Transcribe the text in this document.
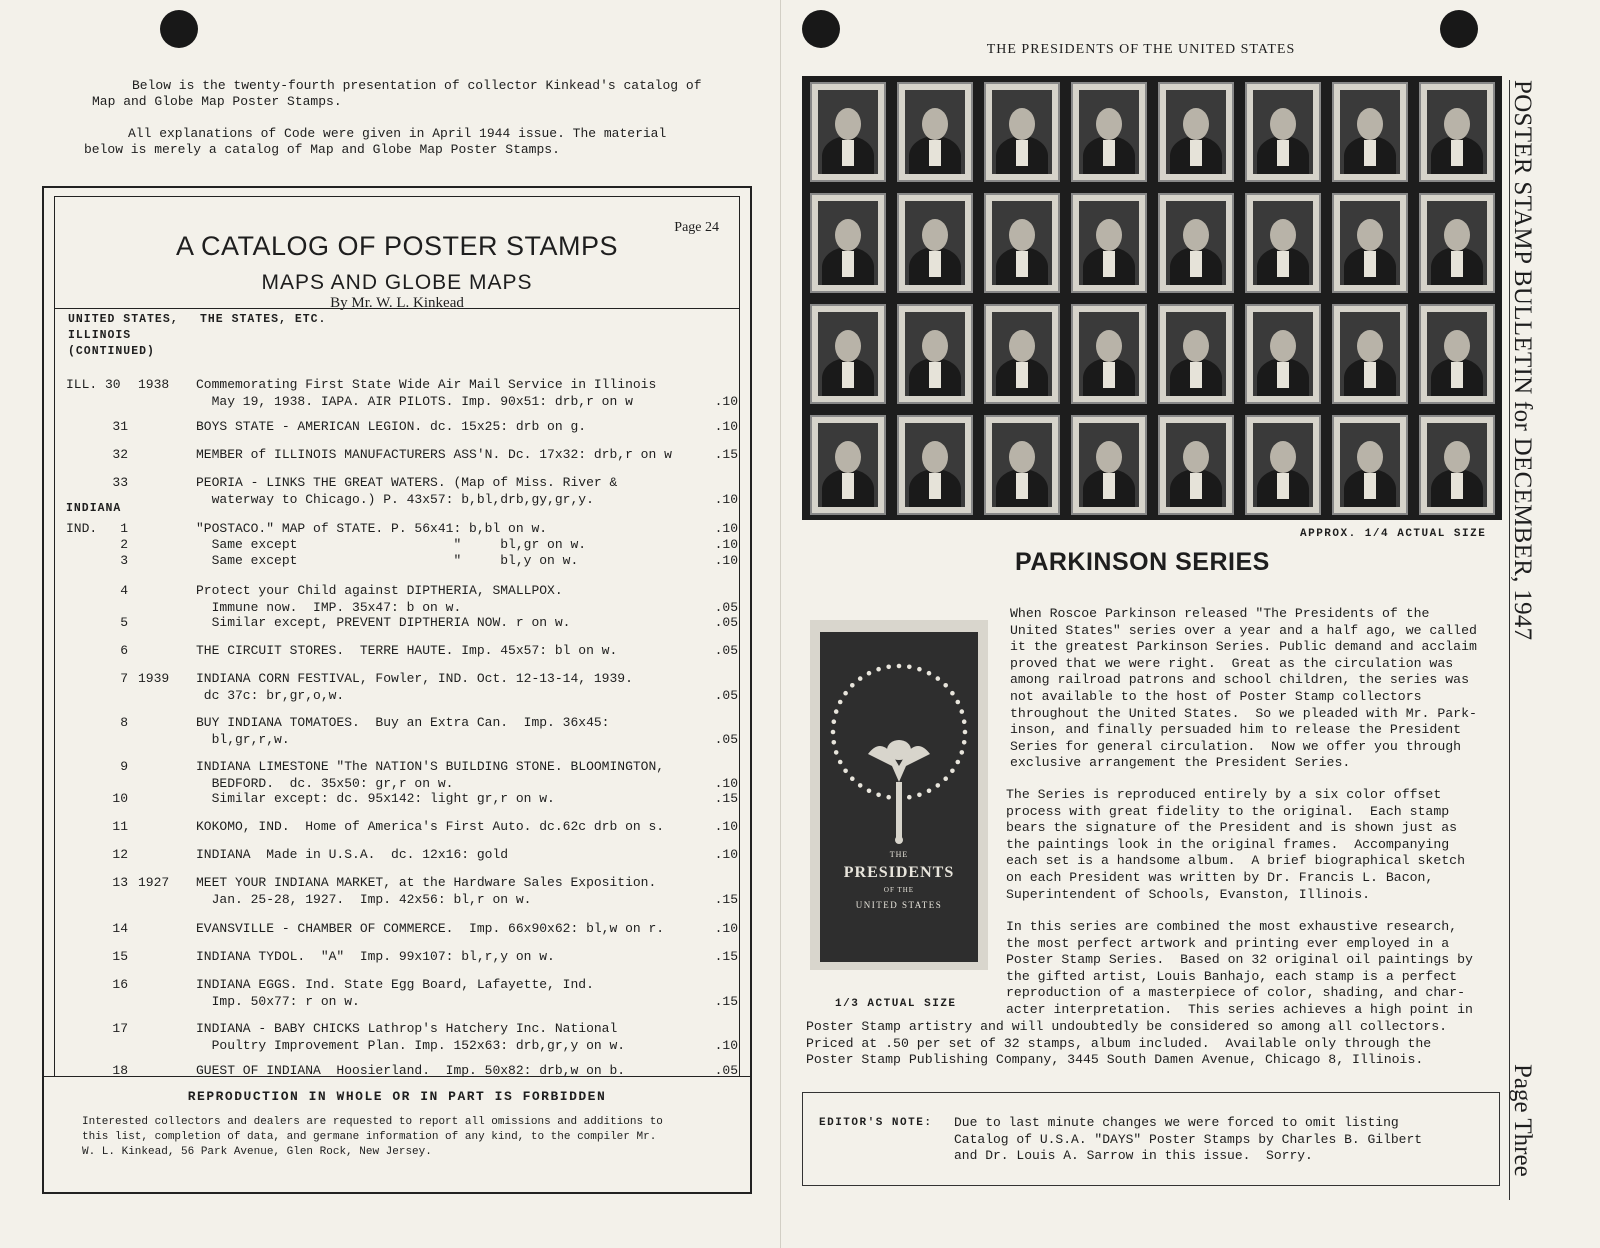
Below is the twenty-fourth presentation of collector Kinkead's catalog of
Map and Globe Map Poster Stamps.
All explanations of Code were given in April 1944 issue. The material
below is merely a catalog of Map and Globe Map Poster Stamps.
Page 24
A CATALOG OF POSTER STAMPS
MAPS AND GLOBE MAPS
By Mr. W. L. Kinkead
UNITED STATES,
ILLINOIS
(CONTINUED)
THE STATES, ETC.
INDIANA
ILL. 30	1938	Commemorating First State Wide Air Mail Service in Illinois
May 19, 1938. IAPA. AIR PILOTS. Imp. 90x51: drb,r on w	
.10
31	BOYS STATE - AMERICAN LEGION. dc. 15x25: drb on g.	.10
32	MEMBER of ILLINOIS MANUFACTURERS ASS'N. Dc. 17x32: drb,r on w	.15
33	PEORIA - LINKS THE GREAT WATERS. (Map of Miss. River &
waterway to Chicago.) P. 43x57: b,bl,drb,gy,gr,y.	
.10
IND.	1	"POSTACO." MAP of STATE. P. 56x41: b,bl on w.	.10
2	Same except                    "     bl,gr on w.	.10
3	Same except                    "     bl,y on w.	.10
4	Protect your Child against DIPTHERIA, SMALLPOX.
Immune now.  IMP. 35x47: b on w.	
.05
5	Similar except, PREVENT DIPTHERIA NOW. r on w.	.05
6	THE CIRCUIT STORES.  TERRE HAUTE. Imp. 45x57: bl on w.	.05
7 1939	INDIANA CORN FESTIVAL, Fowler, IND. Oct. 12-13-14, 1939.
dc 37c: br,gr,o,w.	
.05
8	BUY INDIANA TOMATOES.  Buy an Extra Can.  Imp. 36x45:
bl,gr,r,w.	
.05
9	INDIANA LIMESTONE "The NATION'S BUILDING STONE. BLOOMINGTON,
BEDFORD.  dc. 35x50: gr,r on w.	
.10
10	Similar except: dc. 95x142: light gr,r on w.	.15
11	KOKOMO, IND.  Home of America's First Auto. dc.62c drb on s.	.10
12	INDIANA  Made in U.S.A.  dc. 12x16: gold	.10
13 1927	MEET YOUR INDIANA MARKET, at the Hardware Sales Exposition.
Jan. 25-28, 1927.  Imp. 42x56: bl,r on w.	
.15
14	EVANSVILLE - CHAMBER OF COMMERCE.  Imp. 66x90x62: bl,w on r.	.10
15	INDIANA TYDOL.  "A"  Imp. 99x107: bl,r,y on w.	.15
16	INDIANA EGGS. Ind. State Egg Board, Lafayette, Ind.
Imp. 50x77: r on w.	
.15
17	INDIANA - BABY CHICKS Lathrop's Hatchery Inc. National
Poultry Improvement Plan. Imp. 152x63: drb,gr,y on w.	
.10
18	GUEST OF INDIANA  Hoosierland.  Imp. 50x82: drb,w on b.	.05
REPRODUCTION IN WHOLE OR IN PART IS FORBIDDEN
Interested collectors and dealers are requested to report all omissions and additions to
this list, completion of data, and germane information of any kind, to the compiler Mr.
W. L. Kinkead, 56 Park Avenue, Glen Rock, New Jersey.
THE PRESIDENTS OF THE UNITED STATES
APPROX. 1/4 ACTUAL SIZE
PARKINSON SERIES
THE
PRESIDENTS
OF THE
UNITED STATES
1/3 ACTUAL SIZE
When Roscoe Parkinson released "The Presidents of the
United States" series over a year and a half ago, we called
it the greatest Parkinson Series. Public demand and acclaim
proved that we were right.  Great as the circulation was
among railroad patrons and school children, the series was
not available to the host of Poster Stamp collectors
throughout the United States.  So we pleaded with Mr. Park-
inson, and finally persuaded him to release the President
Series for general circulation.  Now we offer you through
exclusive arrangement the President Series.
The Series is reproduced entirely by a six color offset
process with great fidelity to the original.  Each stamp
bears the signature of the President and is shown just as
the paintings look in the original frames.  Accompanying
each set is a handsome album.  A brief biographical sketch
on each President was written by Dr. Francis L. Bacon,
Superintendent of Schools, Evanston, Illinois.
In this series are combined the most exhaustive research,
the most perfect artwork and printing ever employed in a
Poster Stamp Series.  Based on 32 original oil paintings by
the gifted artist, Louis Banhajo, each stamp is a perfect
reproduction of a masterpiece of color, shading, and char-
acter interpretation.  This series achieves a high point in
Poster Stamp artistry and will undoubtedly be considered so among all collectors.
Priced at .50 per set of 32 stamps, album included.  Available only through the
Poster Stamp Publishing Company, 3445 South Damen Avenue, Chicago 8, Illinois.
EDITOR'S NOTE: Due to last minute changes we were forced to omit listing
Catalog of U.S.A. "DAYS" Poster Stamps by Charles B. Gilbert
and Dr. Louis A. Sarrow in this issue.  Sorry.
POSTER STAMP BULLETIN for DECEMBER, 1947
Page Three
